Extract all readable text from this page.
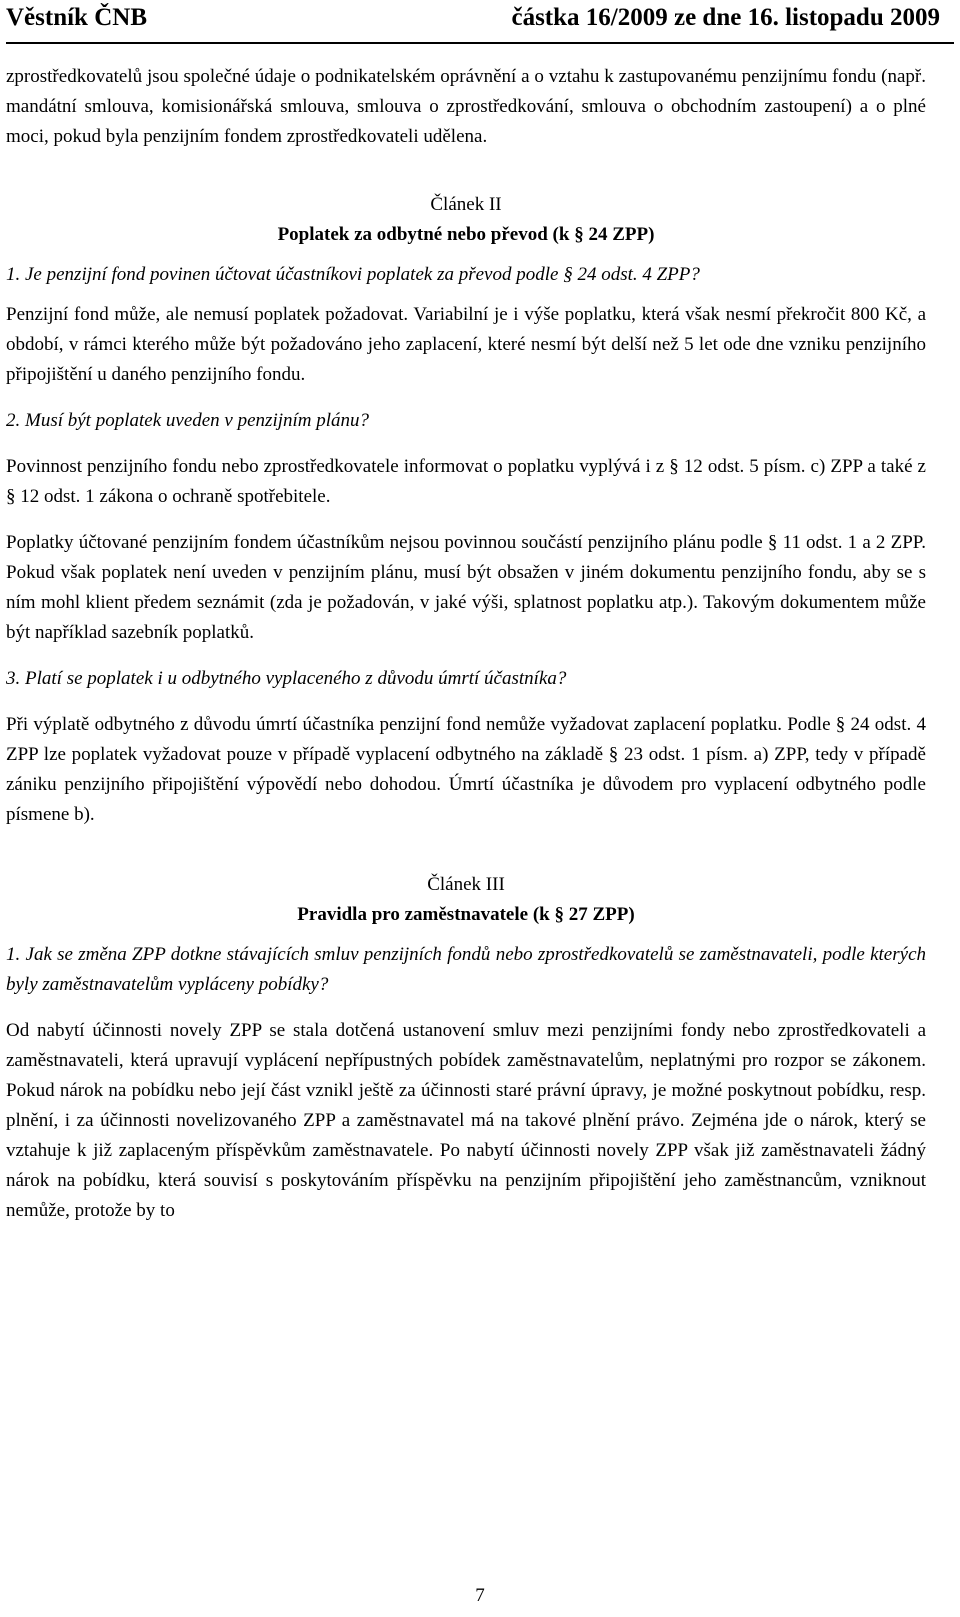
Věstník ČNB	částka 16/2009 ze dne 16. listopadu 2009

zprostředkovatelů jsou společné údaje o podnikatelském oprávnění a o vztahu k zastupovanému penzijnímu fondu (např. mandátní smlouva, komisionářská smlouva, smlouva o zprostředkování, smlouva o obchodním zastoupení) a o plné moci, pokud byla penzijním fondem zprostředkovateli udělena.

Článek II

Poplatek za odbytné nebo převod (k § 24 ZPP)

1. Je penzijní fond povinen účtovat účastníkovi poplatek za převod podle § 24 odst. 4 ZPP?

Penzijní fond může, ale nemusí poplatek požadovat. Variabilní je i výše poplatku, která však nesmí překročit 800 Kč, a období, v rámci kterého může být požadováno jeho zaplacení, které nesmí být delší než 5 let ode dne vzniku penzijního připojištění u daného penzijního fondu.

2. Musí být poplatek uveden v penzijním plánu?

Povinnost penzijního fondu nebo zprostředkovatele informovat o poplatku vyplývá i z § 12 odst. 5 písm. c) ZPP a také z § 12 odst. 1 zákona o ochraně spotřebitele.

Poplatky účtované penzijním fondem účastníkům nejsou povinnou součástí penzijního plánu podle § 11 odst. 1 a 2 ZPP. Pokud však poplatek není uveden v penzijním plánu, musí být obsažen v jiném dokumentu penzijního fondu, aby se s ním mohl klient předem seznámit (zda je požadován, v jaké výši, splatnost poplatku atp.). Takovým dokumentem může být například sazebník poplatků.

3. Platí se poplatek i u odbytného vyplaceného z důvodu úmrtí účastníka?

Při výplatě odbytného z důvodu úmrtí účastníka penzijní fond nemůže vyžadovat zaplacení poplatku. Podle § 24 odst. 4 ZPP lze poplatek vyžadovat pouze v případě vyplacení odbytného na základě § 23 odst. 1 písm. a) ZPP, tedy v případě zániku penzijního připojištění výpovědí nebo dohodou. Úmrtí účastníka je důvodem pro vyplacení odbytného podle písmene b).

Článek III

Pravidla pro zaměstnavatele (k § 27 ZPP)

1. Jak se změna ZPP dotkne stávajících smluv penzijních fondů nebo zprostředkovatelů se zaměstnavateli, podle kterých byly zaměstnavatelům vypláceny pobídky?

Od nabytí účinnosti novely ZPP se stala dotčená ustanovení smluv mezi penzijními fondy nebo zprostředkovateli a zaměstnavateli, která upravují vyplácení nepřípustných pobídek zaměstnavatelům, neplatnými pro rozpor se zákonem. Pokud nárok na pobídku nebo její část vznikl ještě za účinnosti staré právní úpravy, je možné poskytnout pobídku, resp. plnění, i za účinnosti novelizovaného ZPP a zaměstnavatel má na takové plnění právo. Zejména jde o nárok, který se vztahuje k již zaplaceným příspěvkům zaměstnavatele. Po nabytí účinnosti novely ZPP však již zaměstnavateli žádný nárok na pobídku, která souvisí s poskytováním příspěvku na penzijním připojištění jeho zaměstnancům, vzniknout nemůže, protože by to

7
